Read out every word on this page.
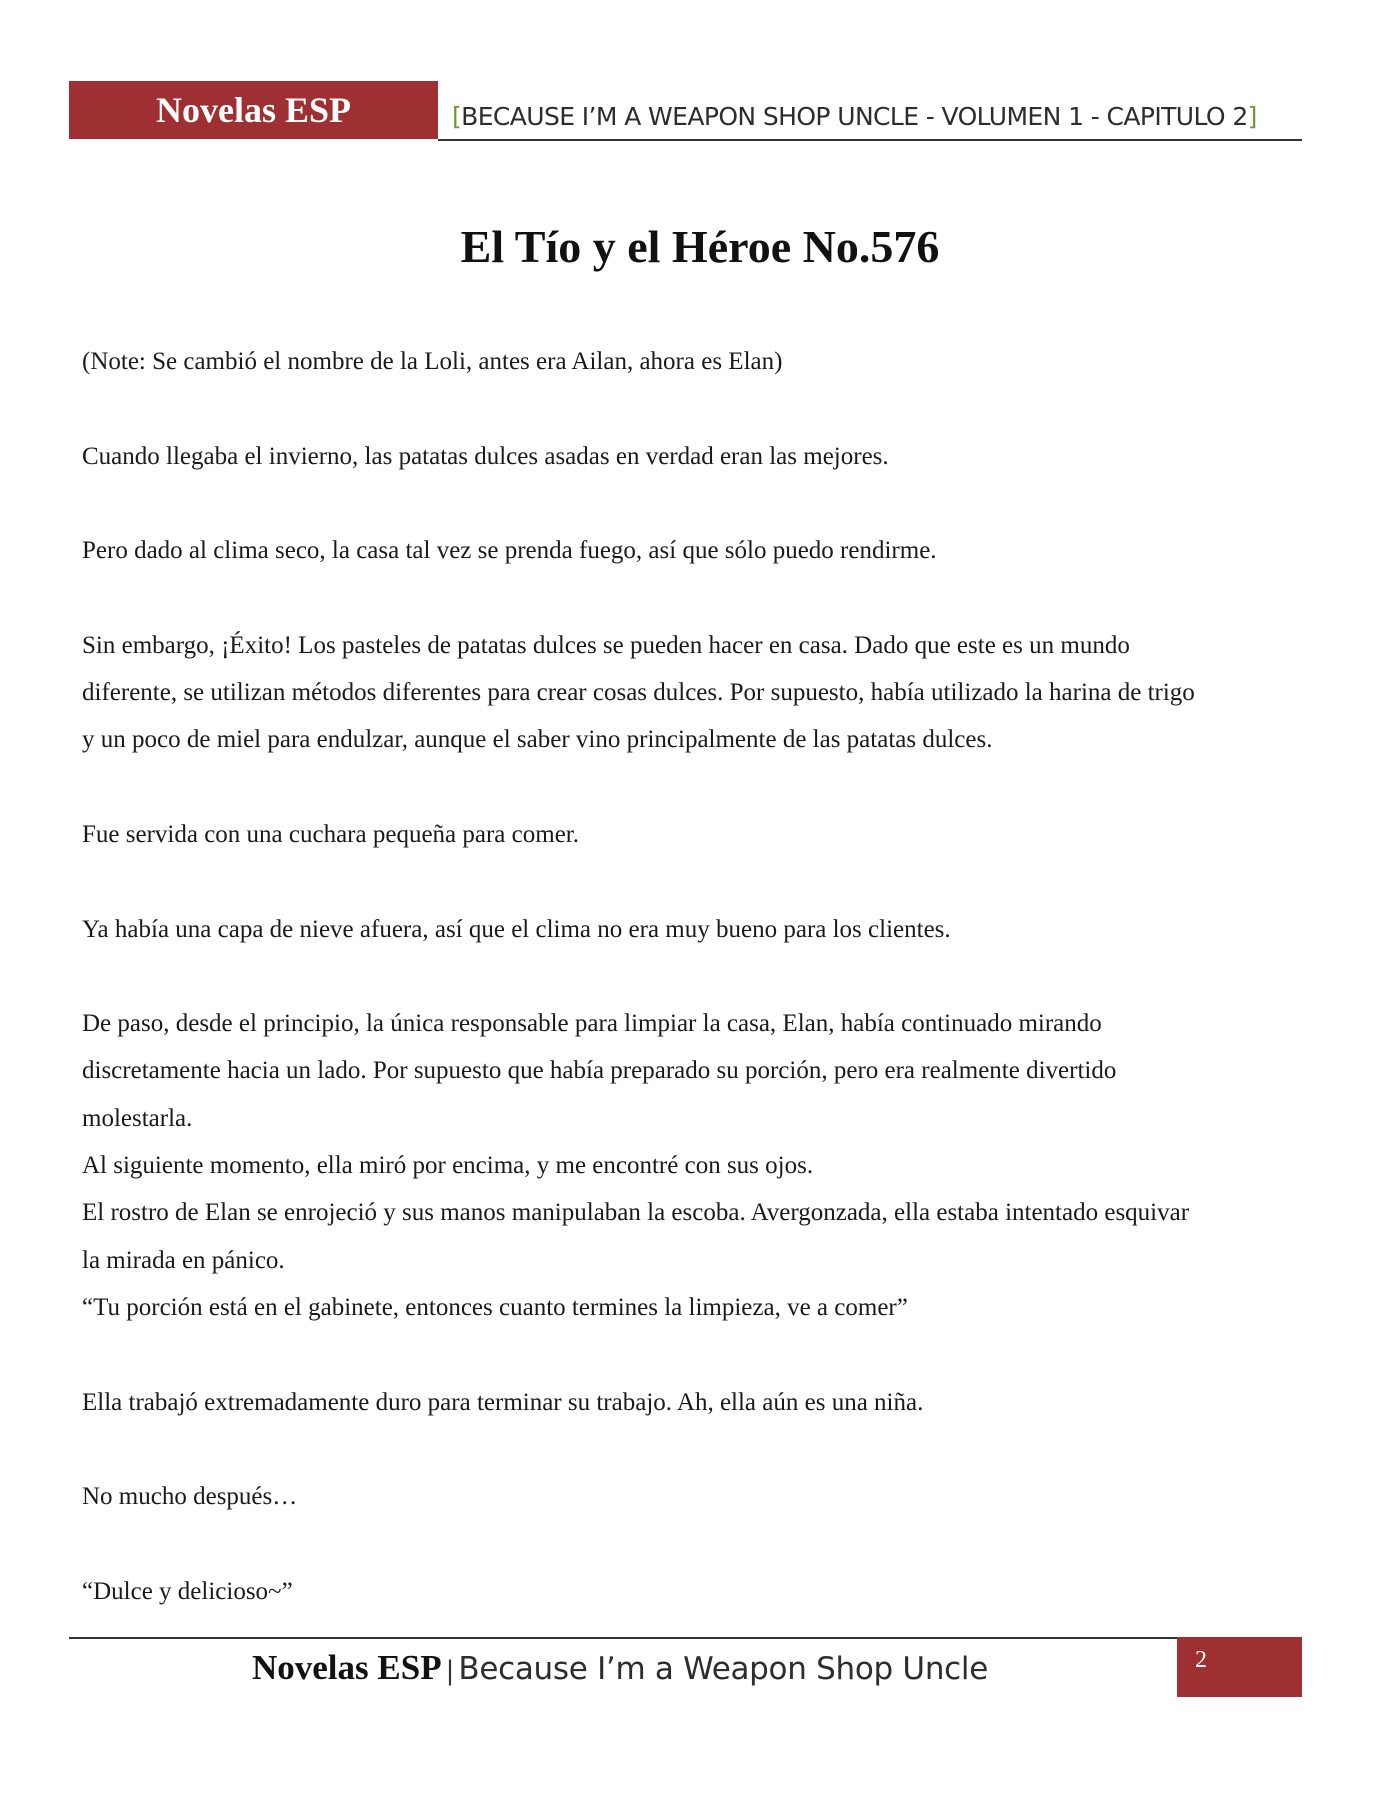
Novelas ESP	[BECAUSE I’M A WEAPON SHOP UNCLE - VOLUMEN 1 - CAPITULO 2]
El Tío y el Héroe No.576

(Note: Se cambió el nombre de la Loli, antes era Ailan, ahora es Elan)

Cuando llegaba el invierno, las patatas dulces asadas en verdad eran las mejores.

Pero dado al clima seco, la casa tal vez se prenda fuego, así que sólo puedo rendirme.

Sin embargo, ¡Éxito! Los pasteles de patatas dulces se pueden hacer en casa. Dado que este es un mundo

diferente, se utilizan métodos diferentes para crear cosas dulces. Por supuesto, había utilizado la harina de trigo

y un poco de miel para endulzar, aunque el saber vino principalmente de las patatas dulces.

Fue servida con una cuchara pequeña para comer.

Ya había una capa de nieve afuera, así que el clima no era muy bueno para los clientes.

De paso, desde el principio, la única responsable para limpiar la casa, Elan, había continuado mirando

discretamente hacia un lado. Por supuesto que había preparado su porción, pero era realmente divertido

molestarla.

Al siguiente momento, ella miró por encima, y me encontré con sus ojos.

El rostro de Elan se enrojeció y sus manos manipulaban la escoba. Avergonzada, ella estaba intentado esquivar

la mirada en pánico.

“Tu porción está en el gabinete, entonces cuanto termines la limpieza, ve a comer”

Ella trabajó extremadamente duro para terminar su trabajo. Ah, ella aún es una niña.

No mucho después…

“Dulce y delicioso~”

Novelas ESP | Because I’m a Weapon Shop Uncle	2
